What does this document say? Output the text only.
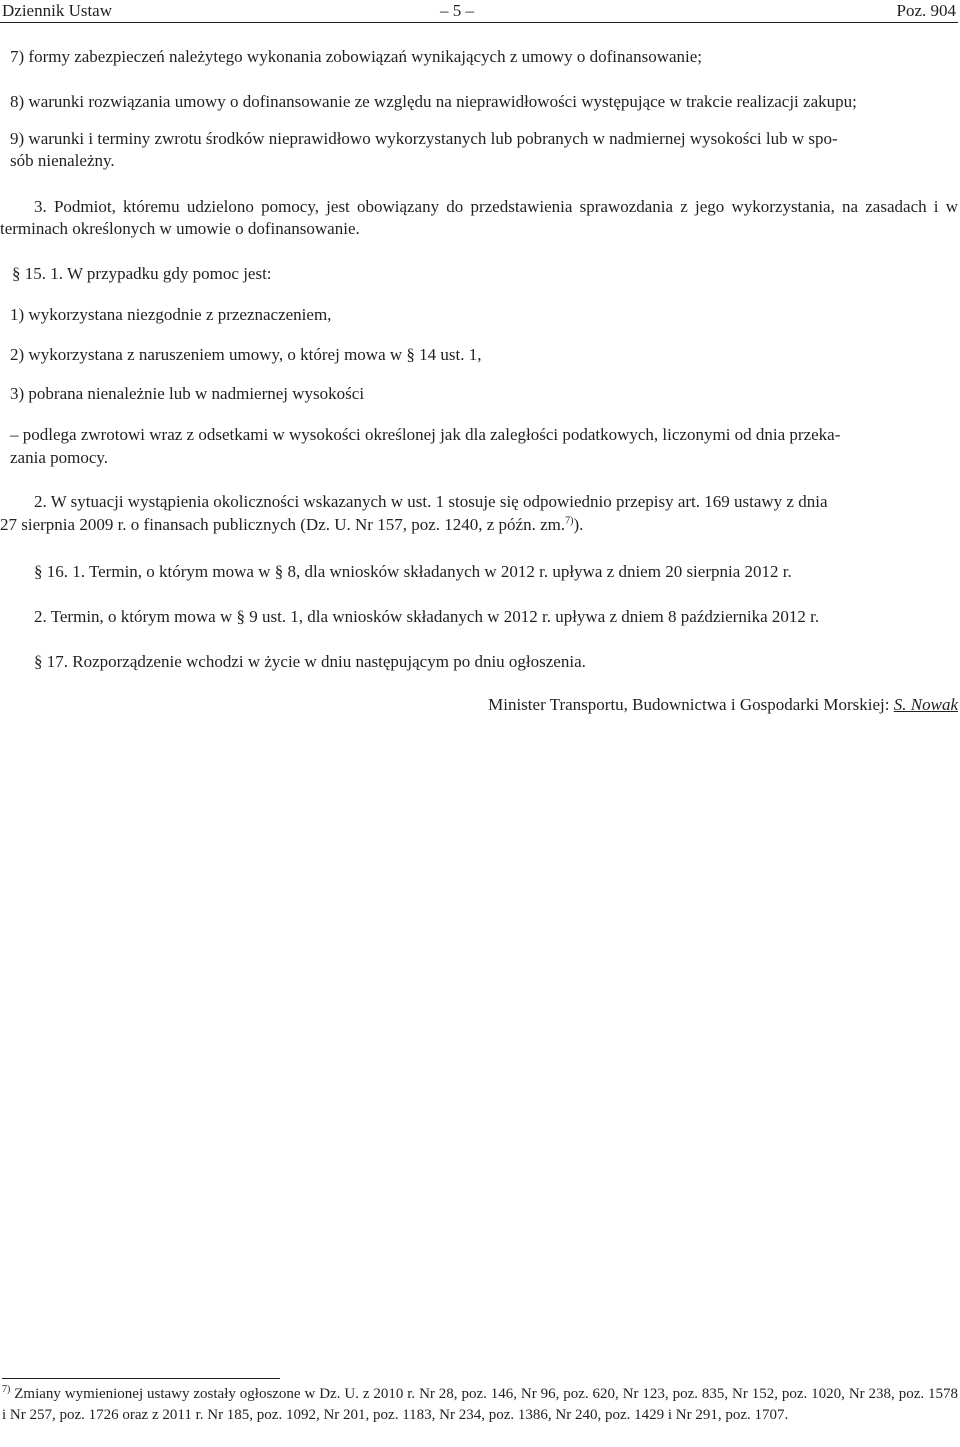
Dziennik Ustaw	– 5 –	Poz. 904
7) formy zabezpieczeń należytego wykonania zobowiązań wynikających z umowy o dofinansowanie;
8) warunki rozwiązania umowy o dofinansowanie ze względu na nieprawidłowości występujące w trakcie realizacji zakupu;
9) warunki i terminy zwrotu środków nieprawidłowo wykorzystanych lub pobranych w nadmiernej wysokości lub w spo-
sób nienależny.
3. Podmiot, któremu udzielono pomocy, jest obowiązany do przedstawienia sprawozdania z jego wykorzystania, na zasadach i w terminach określonych w umowie o dofinansowanie.
§ 15. 1. W przypadku gdy pomoc jest:
1) wykorzystana niezgodnie z przeznaczeniem,
2) wykorzystana z naruszeniem umowy, o której mowa w § 14 ust. 1,
3) pobrana nienależnie lub w nadmiernej wysokości
– podlega zwrotowi wraz z odsetkami w wysokości określonej jak dla zaległości podatkowych, liczonymi od dnia przeka-
zania pomocy.
2. W sytuacji wystąpienia okoliczności wskazanych w ust. 1 stosuje się odpowiednio przepisy art. 169 ustawy z dnia
27 sierpnia 2009 r. o finansach publicznych (Dz. U. Nr 157, poz. 1240, z późn. zm.$^{7)}$).
§ 16. 1. Termin, o którym mowa w § 8, dla wniosków składanych w 2012 r. upływa z dniem 20 sierpnia 2012 r.
2. Termin, o którym mowa w § 9 ust. 1, dla wniosków składanych w 2012 r. upływa z dniem 8 października 2012 r.
§ 17. Rozporządzenie wchodzi w życie w dniu następującym po dniu ogłoszenia.
Minister Transportu, Budownictwa i Gospodarki Morskiej: S. Nowak
$^{7)}$ Zmiany wymienionej ustawy zostały ogłoszone w Dz. U. z 2010 r. Nr 28, poz. 146, Nr 96, poz. 620, Nr 123, poz. 835, Nr 152, poz. 1020, Nr 238, poz. 1578 i Nr 257, poz. 1726 oraz z 2011 r. Nr 185, poz. 1092, Nr 201, poz. 1183, Nr 234, poz. 1386, Nr 240, poz. 1429 i Nr 291, poz. 1707.
